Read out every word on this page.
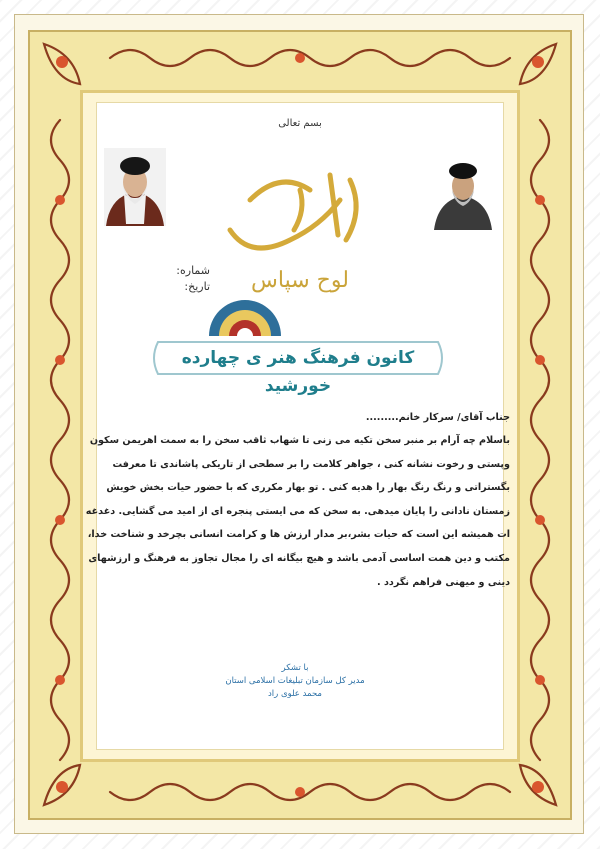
بسم تعالی
لوح سپاس
شماره:
تاریخ:
کانون فرهنگ هنر ی چهارده خورشید
جناب آقای/ سرکار خانم.........
باسلام چه آرام بر منبر سخن تکیه می زنی تا شهاب ثاقب سخن را به سمت اهریمن سکون
وپستی و رخوت نشانه کنی ، جواهر کلامت را بر سطحی از تاریکی پاشاندی تا معرفت
بگستراتی و رنگ رنگ بهار را هدیه کنی . تو بهار مکرری که با حضور حیات بخش خویش
زمستان نادانی را پایان میدهی. به سخن که می ایستی پنجره ای از امید می گشایی. دغدغه
ات همیشه این است که حیات بشر،بر مدار ارزش ها و کرامت انسانی بچرخد و شناخت خدا،
مکتب و دین همت اساسی آدمی باشد و هیچ بیگانه ای را مجال تجاوز به فرهنگ و ارزشهای
دینی و میهنی فراهم نگردد .
با تشکر
مدیر کل سازمان تبلیغات اسلامی استان
محمد علوی راد
